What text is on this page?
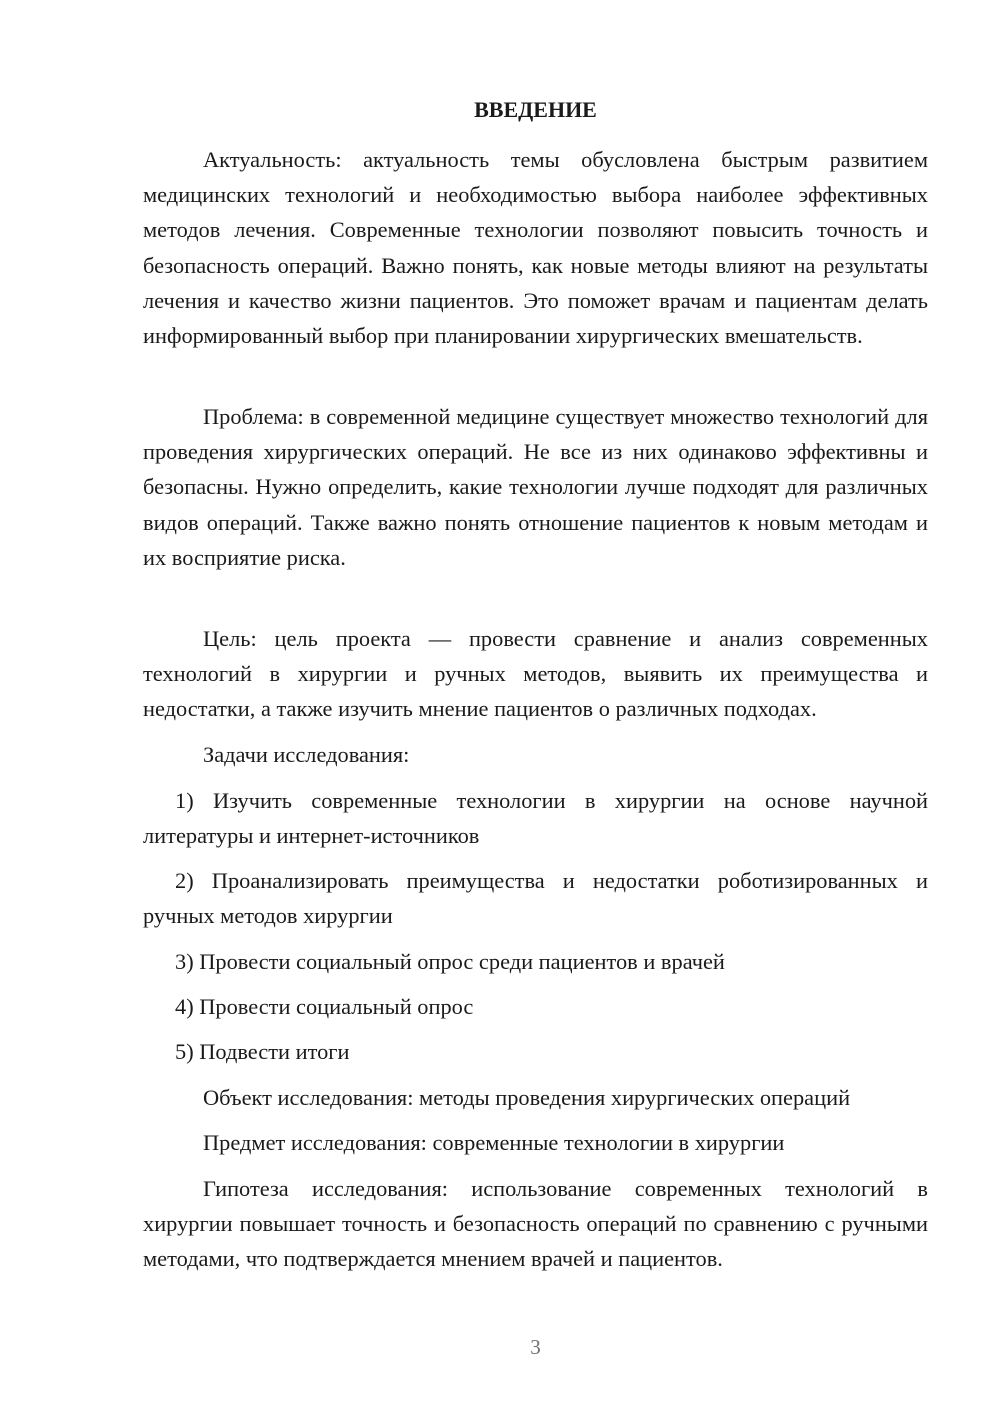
ВВЕДЕНИЕ

Актуальность: актуальность темы обусловлена быстрым развитием медицинских технологий и необходимостью выбора наиболее эффективных методов лечения. Современные технологии позволяют повысить точность и безопасность операций. Важно понять, как новые методы влияют на результаты лечения и качество жизни пациентов. Это поможет врачам и пациентам делать информированный выбор при планировании хирургических вмешательств.

Проблема: в современной медицине существует множество технологий для проведения хирургических операций. Не все из них одинаково эффективны и безопасны. Нужно определить, какие технологии лучше подходят для различных видов операций. Также важно понять отношение пациентов к новым методам и их восприятие риска.

Цель: цель проекта — провести сравнение и анализ современных технологий в хирургии и ручных методов, выявить их преимущества и недостатки, а также изучить мнение пациентов о различных подходах.

Задачи исследования:

1) Изучить современные технологии в хирургии на основе научной литературы и интернет-источников

2) Проанализировать преимущества и недостатки роботизированных и ручных методов хирургии

3) Провести социальный опрос среди пациентов и врачей

4) Провести социальный опрос

5) Подвести итоги

Объект исследования: методы проведения хирургических операций

Предмет исследования: современные технологии в хирургии

Гипотеза исследования: использование современных технологий в хирургии повышает точность и безопасность операций по сравнению с ручными методами, что подтверждается мнением врачей и пациентов.

3
